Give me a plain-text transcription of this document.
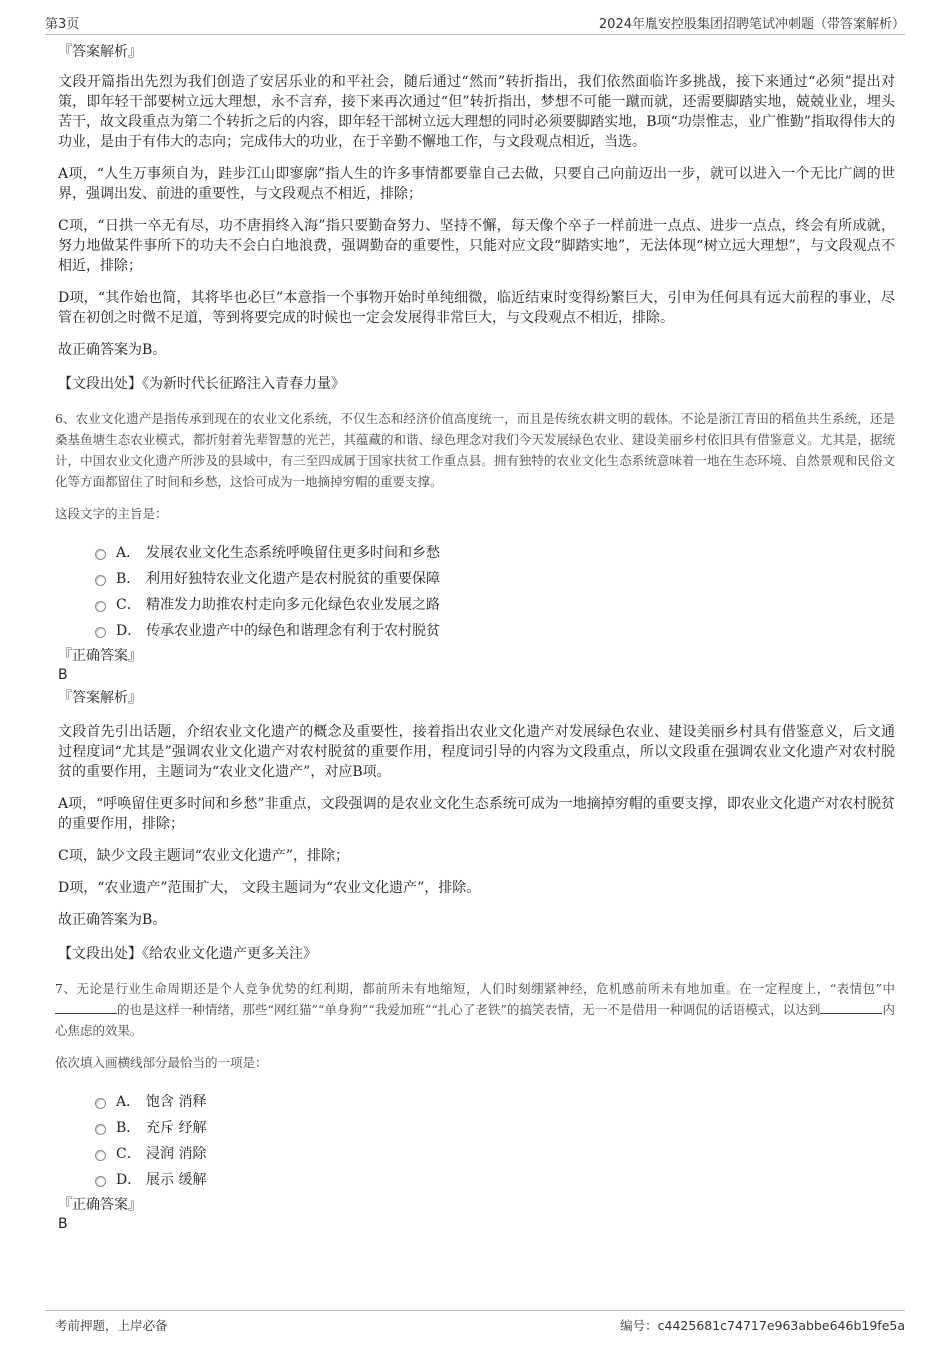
第3页	2024年胤安控股集团招聘笔试冲刺题（带答案解析）
『答案解析』
文段开篇指出先烈为我们创造了安居乐业的和平社会，随后通过“然而”转折指出，我们依然面临许多挑战，接下来通过“必须”提出对策，即年轻干部要树立远大理想，永不言弃，接下来再次通过“但”转折指出，梦想不可能一蹴而就，还需要脚踏实地，兢兢业业，埋头苦干，故文段重点为第二个转折之后的内容，即年轻干部树立远大理想的同时必须要脚踏实地，B项“功崇惟志，业广惟勤”指取得伟大的功业，是由于有伟大的志向；完成伟大的功业，在于辛勤不懈地工作，与文段观点相近，当选。
A项，“人生万事须自为，跬步江山即寥廓”指人生的许多事情都要靠自己去做，只要自己向前迈出一步，就可以进入一个无比广阔的世界，强调出发、前进的重要性，与文段观点不相近，排除；
C项，“日拱一卒无有尽，功不唐捐终入海”指只要勤奋努力、坚持不懈，每天像个卒子一样前进一点点、进步一点点，终会有所成就，努力地做某件事所下的功夫不会白白地浪费，强调勤奋的重要性，只能对应文段“脚踏实地”，无法体现“树立远大理想”，与文段观点不相近，排除；
D项，“其作始也简，其将毕也必巨”本意指一个事物开始时单纯细微，临近结束时变得纷繁巨大，引申为任何具有远大前程的事业，尽管在初创之时微不足道，等到将要完成的时候也一定会发展得非常巨大，与文段观点不相近，排除。
故正确答案为B。
【文段出处】《为新时代长征路注入青春力量》
6、农业文化遗产是指传承到现在的农业文化系统，不仅生态和经济价值高度统一，而且是传统农耕文明的载体。不论是浙江青田的稻鱼共生系统，还是桑基鱼塘生态农业模式，都折射着先辈智慧的光芒，其蕴藏的和谐、绿色理念对我们今天发展绿色农业、建设美丽乡村依旧具有借鉴意义。尤其是，据统计，中国农业文化遗产所涉及的县域中，有三至四成属于国家扶贫工作重点县。拥有独特的农业文化生态系统意味着一地在生态环境、自然景观和民俗文化等方面都留住了时间和乡愁，这恰可成为一地摘掉穷帽的重要支撑。
这段文字的主旨是：
A． 发展农业文化生态系统呼唤留住更多时间和乡愁
B． 利用好独特农业文化遗产是农村脱贫的重要保障
C． 精准发力助推农村走向多元化绿色农业发展之路
D． 传承农业遗产中的绿色和谐理念有利于农村脱贫
『正确答案』
B
『答案解析』
文段首先引出话题，介绍农业文化遗产的概念及重要性，接着指出农业文化遗产对发展绿色农业、建设美丽乡村具有借鉴意义，后文通过程度词“尤其是”强调农业文化遗产对农村脱贫的重要作用，程度词引导的内容为文段重点，所以文段重在强调农业文化遗产对农村脱贫的重要作用，主题词为“农业文化遗产”，对应B项。
A项，“呼唤留住更多时间和乡愁”非重点，文段强调的是农业文化生态系统可成为一地摘掉穷帽的重要支撑，即农业文化遗产对农村脱贫的重要作用，排除；
C项，缺少文段主题词“农业文化遗产”，排除；
D项，“农业遗产”范围扩大， 文段主题词为“农业文化遗产”，排除。
故正确答案为B。
【文段出处】《给农业文化遗产更多关注》
7、无论是行业生命周期还是个人竞争优势的红利期，都前所未有地缩短，人们时刻绷紧神经，危机感前所未有地加重。在一定程度上，“表情包”中的也是这样一种情绪，那些“网红猫”“单身狗”“我爱加班”“扎心了老铁”的搞笑表情，无一不是借用一种调侃的话语模式，以达到	内心焦虑的效果。
依次填入画横线部分最恰当的一项是：
A． 饱含 消释
B． 充斥 纾解
C． 浸润 消除
D． 展示 缓解
『正确答案』
B
考前押题，上岸必备	编号：c4425681c74717e963abbe646b19fe5a
